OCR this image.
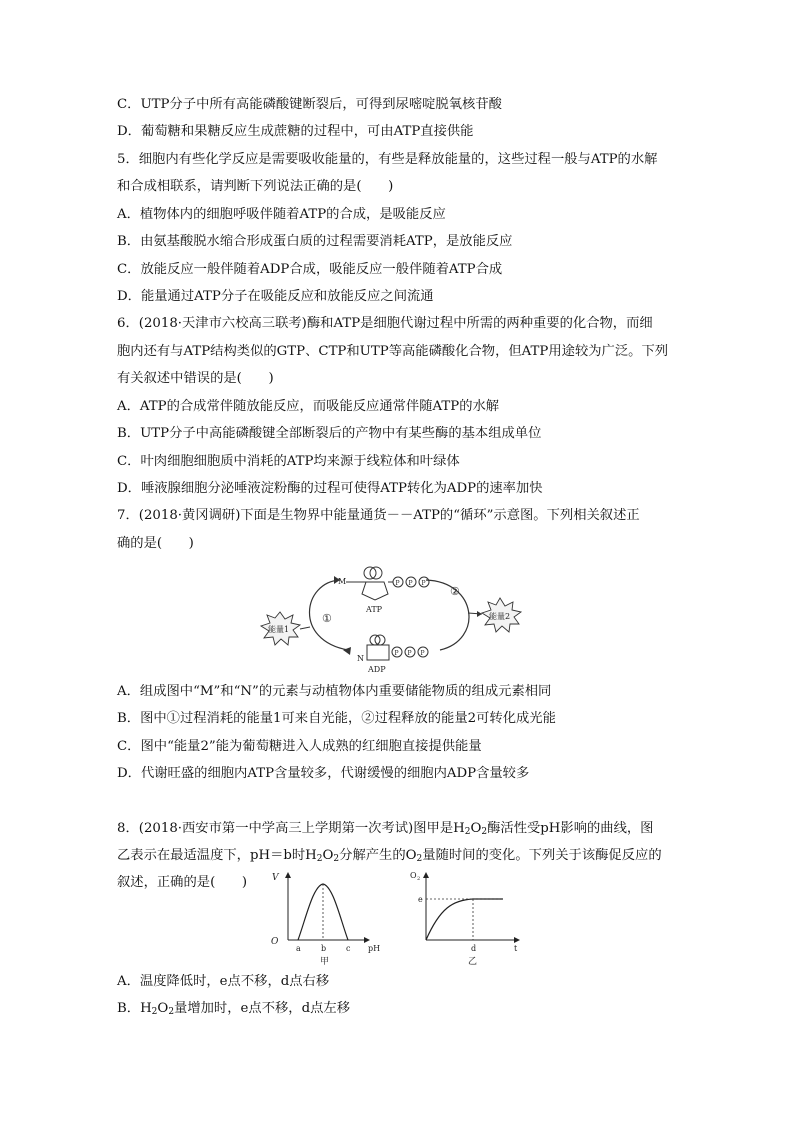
C．UTP分子中所有高能磷酸键断裂后，可得到尿嘧啶脱氧核苷酸
D．葡萄糖和果糖反应生成蔗糖的过程中，可由ATP直接供能
5．细胞内有些化学反应是需要吸收能量的，有些是释放能量的，这些过程一般与ATP的水解
和合成相联系，请判断下列说法正确的是(　　)
A．植物体内的细胞呼吸伴随着ATP的合成，是吸能反应
B．由氨基酸脱水缩合形成蛋白质的过程需要消耗ATP，是放能反应
C．放能反应一般伴随着ADP合成，吸能反应一般伴随着ATP合成
D．能量通过ATP分子在吸能反应和放能反应之间流通
6．(2018·天津市六校高三联考)酶和ATP是细胞代谢过程中所需的两种重要的化合物，而细
胞内还有与ATP结构类似的GTP、CTP和UTP等高能磷酸化合物，但ATP用途较为广泛。下列
有关叙述中错误的是(　　)
A．ATP的合成常伴随放能反应，而吸能反应通常伴随ATP的水解
B．UTP分子中高能磷酸键全部断裂后的产物中有某些酶的基本组成单位
C．叶肉细胞细胞质中消耗的ATP均来源于线粒体和叶绿体
D．唾液腺细胞分泌唾液淀粉酶的过程可使得ATP转化为ADP的速率加快
7．(2018·黄冈调研)下面是生物界中能量通货－－ATP的“循环”示意图。下列相关叙述正
确的是(　　)
A．组成图中“M”和“N”的元素与动植物体内重要储能物质的组成元素相同
B．图中①过程消耗的能量1可来自光能，②过程释放的能量2可转化成光能
C．图中“能量2”能为葡萄糖进入人成熟的红细胞直接提供能量
D．代谢旺盛的细胞内ATP含量较多，代谢缓慢的细胞内ADP含量较多
8．(2018·西安市第一中学高三上学期第一次考试)图甲是$H_2O_2$酶活性受pH影响的曲线，图
乙表示在最适温度下，pH＝b时$H_2O_2$分解产生的$O_2$量随时间的变化。下列关于该酶促反应的
叙述，正确的是(　　)
A．温度降低时，e点不移，d点右移
B．$H_2O_2$量增加时，e点不移，d点左移
M	P P P
ATP
P P P
N
ADP
①
②
能量1
能量2
V
O
a	b c pH
甲
O 2
e
d	t
乙
